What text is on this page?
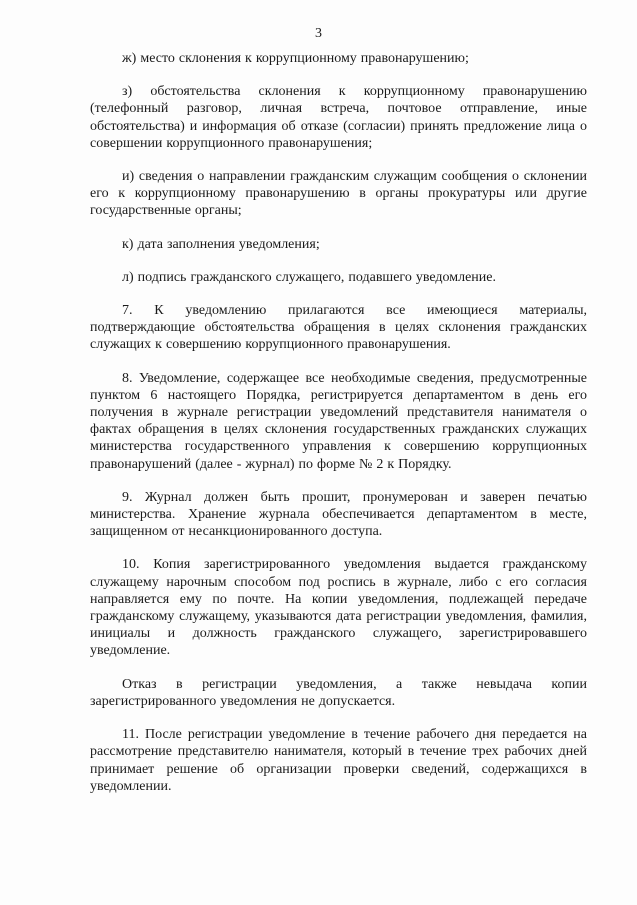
3

ж) место склонения к коррупционному правонарушению;

з) обстоятельства склонения к коррупционному правонарушению (телефонный разговор, личная встреча, почтовое отправление, иные обстоятельства) и информация об отказе (согласии) принять предложение лица о совершении коррупционного правонарушения;

и) сведения о направлении гражданским служащим сообщения о склонении его к коррупционному правонарушению в органы прокуратуры или другие государственные органы;

к) дата заполнения уведомления;

л) подпись гражданского служащего, подавшего уведомление.

7. К уведомлению прилагаются все имеющиеся материалы, подтверждающие обстоятельства обращения в целях склонения гражданских служащих к совершению коррупционного правонарушения.

8. Уведомление, содержащее все необходимые сведения, предусмотренные пунктом 6 настоящего Порядка, регистрируется департаментом в день его получения в журнале регистрации уведомлений представителя нанимателя о фактах обращения в целях склонения государственных гражданских служащих министерства государственного управления к совершению коррупционных правонарушений (далее - журнал) по форме № 2 к Порядку.

9. Журнал должен быть прошит, пронумерован и заверен печатью министерства. Хранение журнала обеспечивается департаментом в месте, защищенном от несанкционированного доступа.

10. Копия зарегистрированного уведомления выдается гражданскому служащему нарочным способом под роспись в журнале, либо с его согласия направляется ему по почте. На копии уведомления, подлежащей передаче гражданскому служащему, указываются дата регистрации уведомления, фамилия, инициалы и должность гражданского служащего, зарегистрировавшего уведомление.

Отказ в регистрации уведомления, а также невыдача копии зарегистрированного уведомления не допускается.

11. После регистрации уведомление в течение рабочего дня передается на рассмотрение представителю нанимателя, который в течение трех рабочих дней принимает решение об организации проверки сведений, содержащихся в уведомлении.
